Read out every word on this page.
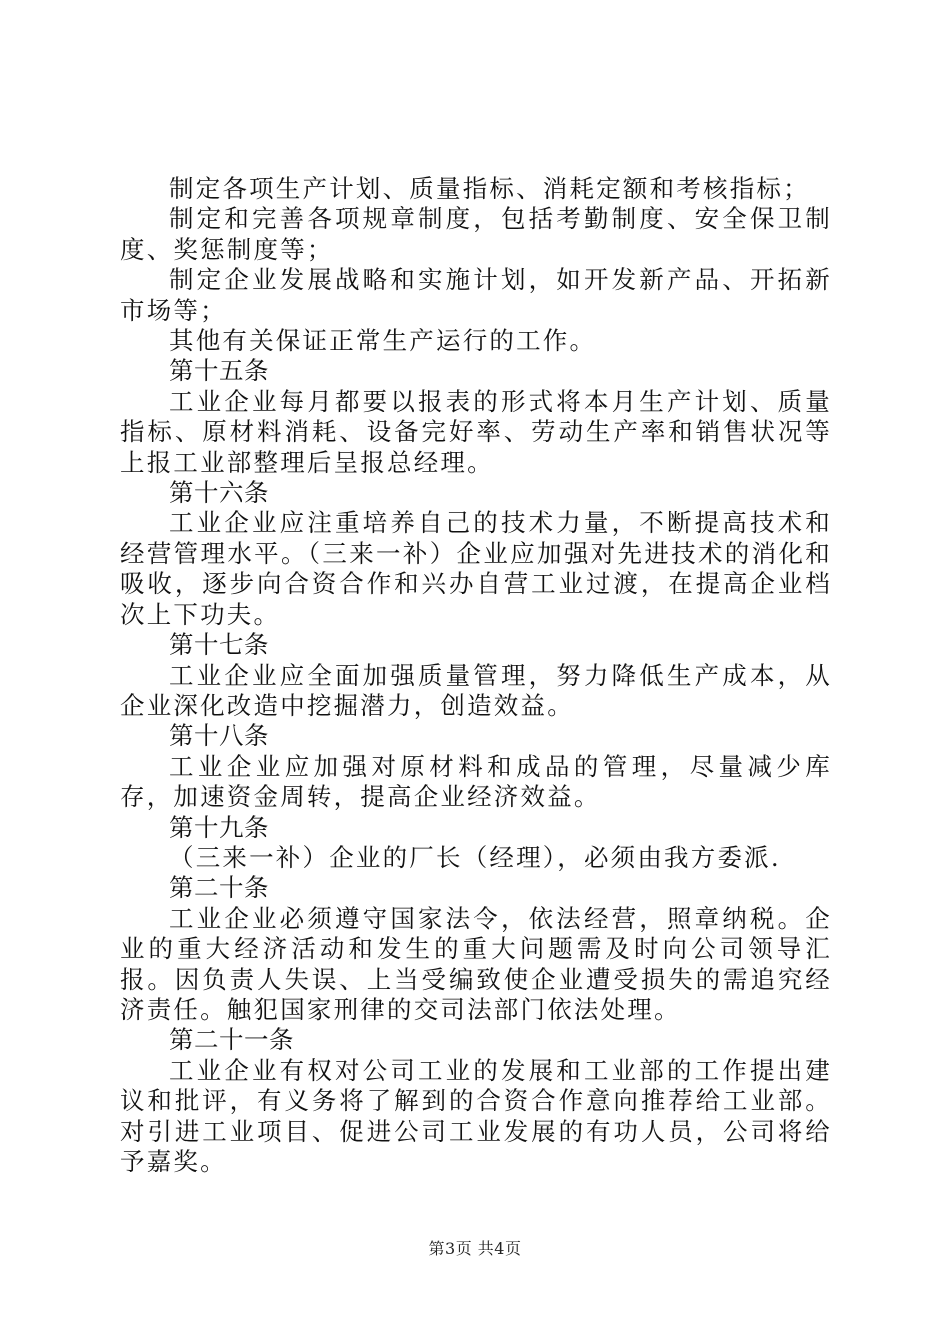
制定各项生产计划、质量指标、消耗定额和考核指标；

制定和完善各项规章制度，包括考勤制度、安全保卫制度、奖惩制度等；

制定企业发展战略和实施计划，如开发新产品、开拓新市场等；

其他有关保证正常生产运行的工作。

第十五条

工业企业每月都要以报表的形式将本月生产计划、质量指标、原材料消耗、设备完好率、劳动生产率和销售状况等上报工业部整理后呈报总经理。

第十六条

工业企业应注重培养自己的技术力量，不断提高技术和经营管理水平。（三来一补）企业应加强对先进技术的消化和吸收，逐步向合资合作和兴办自营工业过渡，在提高企业档次上下功夫。

第十七条

工业企业应全面加强质量管理，努力降低生产成本，从企业深化改造中挖掘潜力，创造效益。

第十八条

工业企业应加强对原材料和成品的管理，尽量减少库存，加速资金周转，提高企业经济效益。

第十九条

（三来一补）企业的厂长（经理），必须由我方委派.

第二十条

工业企业必须遵守国家法令，依法经营，照章纳税。企业的重大经济活动和发生的重大问题需及时向公司领导汇报。因负责人失误、上当受编致使企业遭受损失的需追究经济责任。触犯国家刑律的交司法部门依法处理。

第二十一条

工业企业有权对公司工业的发展和工业部的工作提出建议和批评，有义务将了解到的合资合作意向推荐给工业部。对引进工业项目、促进公司工业发展的有功人员，公司将给予嘉奖。

第3页 共4页
